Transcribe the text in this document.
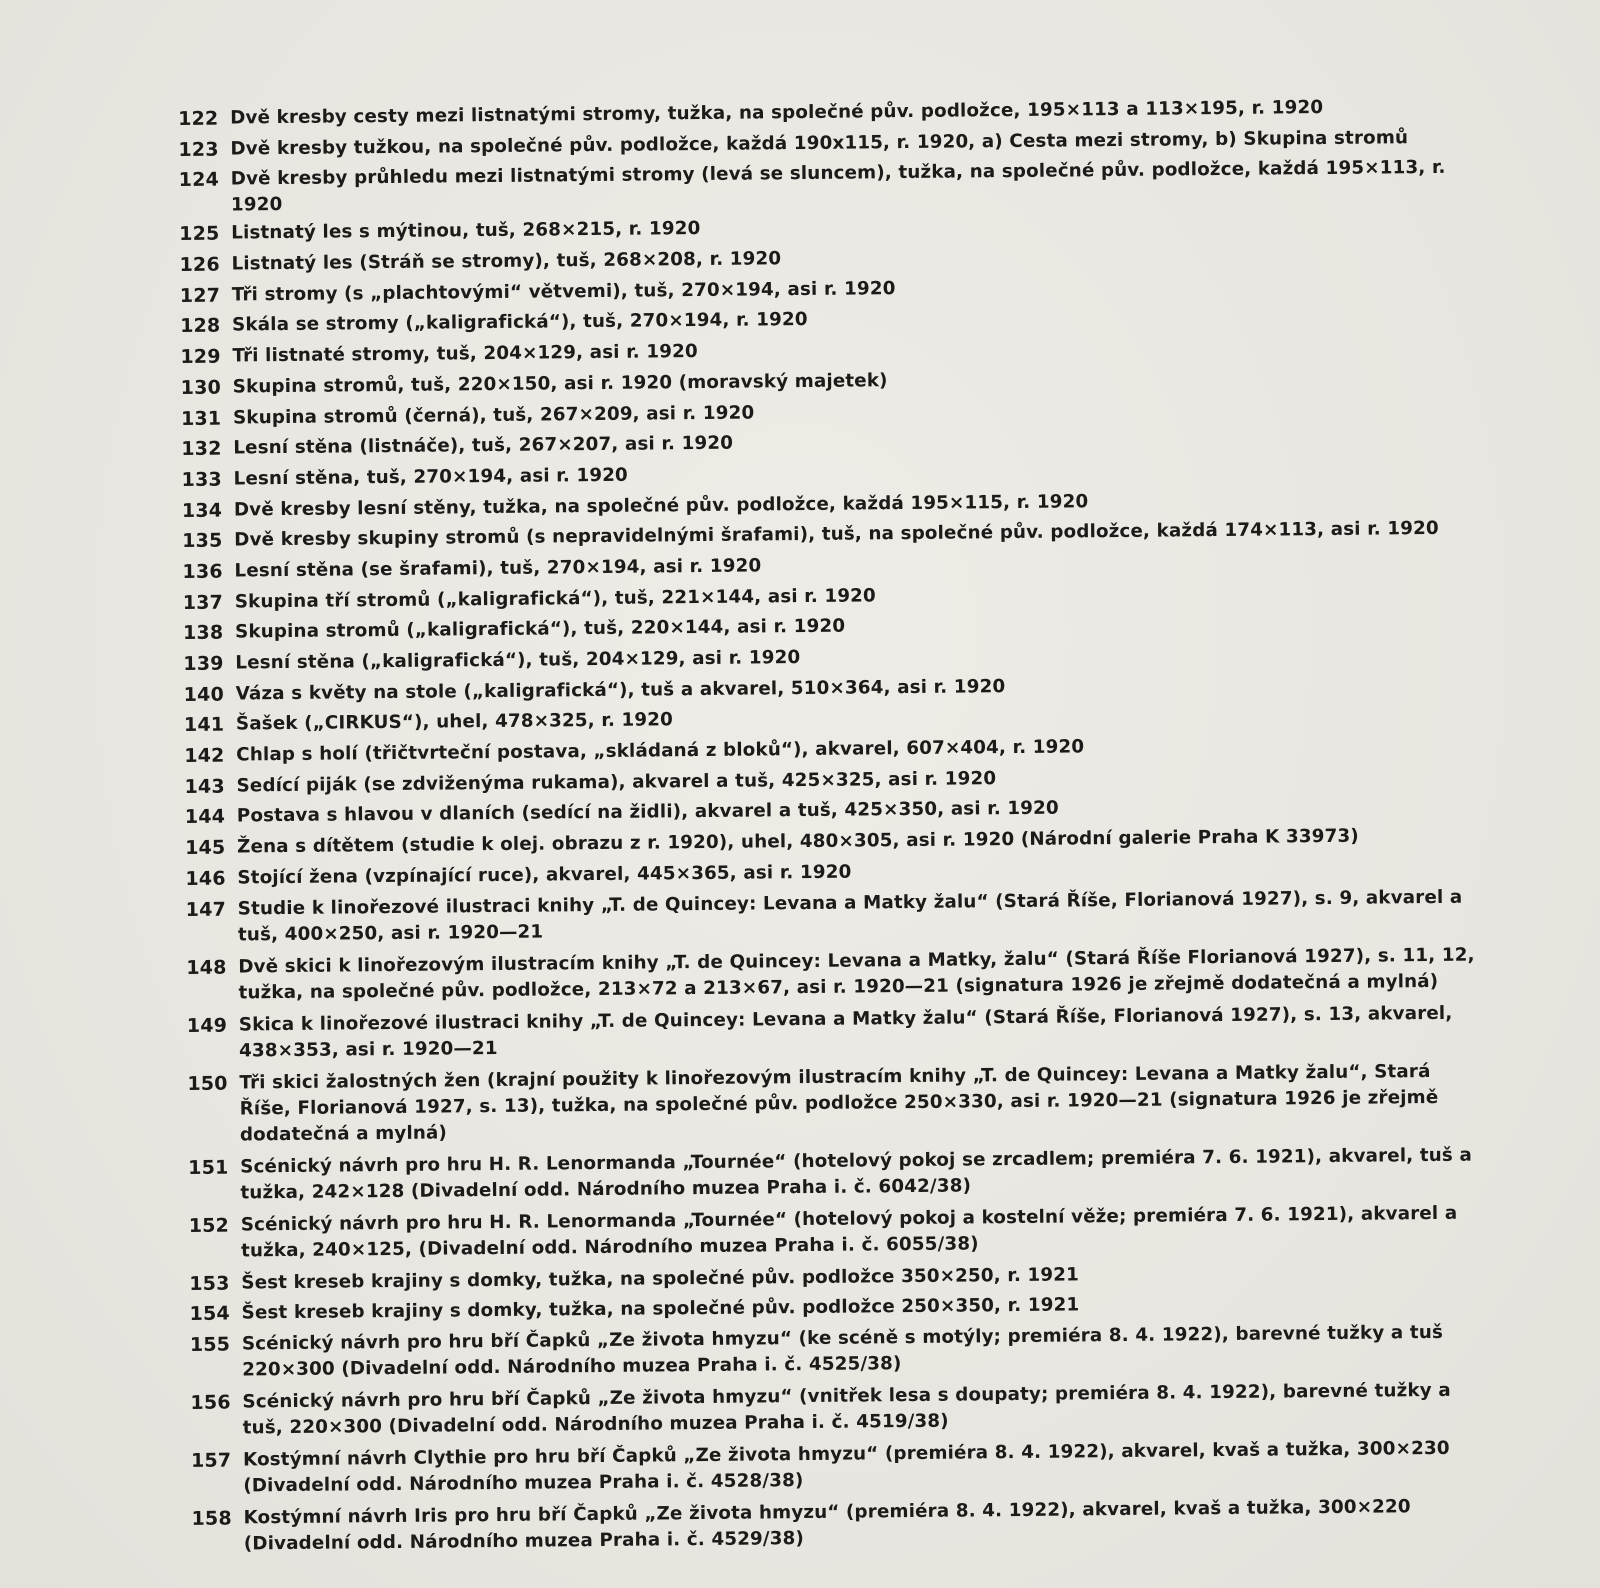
122 Dvě kresby cesty mezi listnatými stromy, tužka, na společné pův. podložce, 195×113 a 113×195, r. 1920
123 Dvě kresby tužkou, na společné pův. podložce, každá 190x115, r. 1920, a) Cesta mezi stromy, b) Skupina stromů
124 Dvě kresby průhledu mezi listnatými stromy (levá se sluncem), tužka, na společné pův. podložce, každá 195×113, r. 1920
125 Listnatý les s mýtinou, tuš, 268×215, r. 1920
126 Listnatý les (Stráň se stromy), tuš, 268×208, r. 1920
127 Tři stromy (s „plachtovými“ větvemi), tuš, 270×194, asi r. 1920
128 Skála se stromy („kaligrafická“), tuš, 270×194, r. 1920
129 Tři listnaté stromy, tuš, 204×129, asi r. 1920
130 Skupina stromů, tuš, 220×150, asi r. 1920 (moravský majetek)
131 Skupina stromů (černá), tuš, 267×209, asi r. 1920
132 Lesní stěna (listnáče), tuš, 267×207, asi r. 1920
133 Lesní stěna, tuš, 270×194, asi r. 1920
134 Dvě kresby lesní stěny, tužka, na společné pův. podložce, každá 195×115, r. 1920
135 Dvě kresby skupiny stromů (s nepravidelnými šrafami), tuš, na společné pův. podložce, každá 174×113, asi r. 1920
136 Lesní stěna (se šrafami), tuš, 270×194, asi r. 1920
137 Skupina tří stromů („kaligrafická“), tuš, 221×144, asi r. 1920
138 Skupina stromů („kaligrafická“), tuš, 220×144, asi r. 1920
139 Lesní stěna („kaligrafická“), tuš, 204×129, asi r. 1920
140 Váza s květy na stole („kaligrafická“), tuš a akvarel, 510×364, asi r. 1920
141 Šašek („CIRKUS“), uhel, 478×325, r. 1920
142 Chlap s holí (třičtvrteční postava, „skládaná z bloků“), akvarel, 607×404, r. 1920
143 Sedící piják (se zdviženýma rukama), akvarel a tuš, 425×325, asi r. 1920
144 Postava s hlavou v dlaních (sedící na židli), akvarel a tuš, 425×350, asi r. 1920
145 Žena s dítětem (studie k olej. obrazu z r. 1920), uhel, 480×305, asi r. 1920 (Národní galerie Praha K 33973)
146 Stojící žena (vzpínající ruce), akvarel, 445×365, asi r. 1920
147 Studie k linořezové ilustraci knihy „T. de Quincey: Levana a Matky žalu“ (Stará Říše, Florianová 1927), s. 9, akvarel a tuš, 400×250, asi r. 1920—21
148 Dvě skici k linořezovým ilustracím knihy „T. de Quincey: Levana a Matky, žalu“ (Stará Říše Florianová 1927), s. 11, 12, tužka, na společné pův. podložce, 213×72 a 213×67, asi r. 1920—21 (signatura 1926 je zřejmě dodatečná a mylná)
149 Skica k linořezové ilustraci knihy „T. de Quincey: Levana a Matky žalu“ (Stará Říše, Florianová 1927), s. 13, akvarel, 438×353, asi r. 1920—21
150 Tři skici žalostných žen (krajní použity k linořezovým ilustracím knihy „T. de Quincey: Levana a Matky žalu“, Stará Říše, Florianová 1927, s. 13), tužka, na společné pův. podložce 250×330, asi r. 1920—21 (signatura 1926 je zřejmě dodatečná a mylná)
151 Scénický návrh pro hru H. R. Lenormanda „Tournée“ (hotelový pokoj se zrcadlem; premiéra 7. 6. 1921), akvarel, tuš a tužka, 242×128 (Divadelní odd. Národního muzea Praha i. č. 6042/38)
152 Scénický návrh pro hru H. R. Lenormanda „Tournée“ (hotelový pokoj a kostelní věže; premiéra 7. 6. 1921), akvarel a tužka, 240×125, (Divadelní odd. Národního muzea Praha i. č. 6055/38)
153 Šest kreseb krajiny s domky, tužka, na společné pův. podložce 350×250, r. 1921
154 Šest kreseb krajiny s domky, tužka, na společné pův. podložce 250×350, r. 1921
155 Scénický návrh pro hru bří Čapků „Ze života hmyzu“ (ke scéně s motýly; premiéra 8. 4. 1922), barevné tužky a tuš 220×300 (Divadelní odd. Národního muzea Praha i. č. 4525/38)
156 Scénický návrh pro hru bří Čapků „Ze života hmyzu“ (vnitřek lesa s doupaty; premiéra 8. 4. 1922), barevné tužky a tuš, 220×300 (Divadelní odd. Národního muzea Praha i. č. 4519/38)
157 Kostýmní návrh Clythie pro hru bří Čapků „Ze života hmyzu“ (premiéra 8. 4. 1922), akvarel, kvaš a tužka, 300×230 (Divadelní odd. Národního muzea Praha i. č. 4528/38)
158 Kostýmní návrh Iris pro hru bří Čapků „Ze života hmyzu“ (premiéra 8. 4. 1922), akvarel, kvaš a tužka, 300×220 (Divadelní odd. Národního muzea Praha i. č. 4529/38)
